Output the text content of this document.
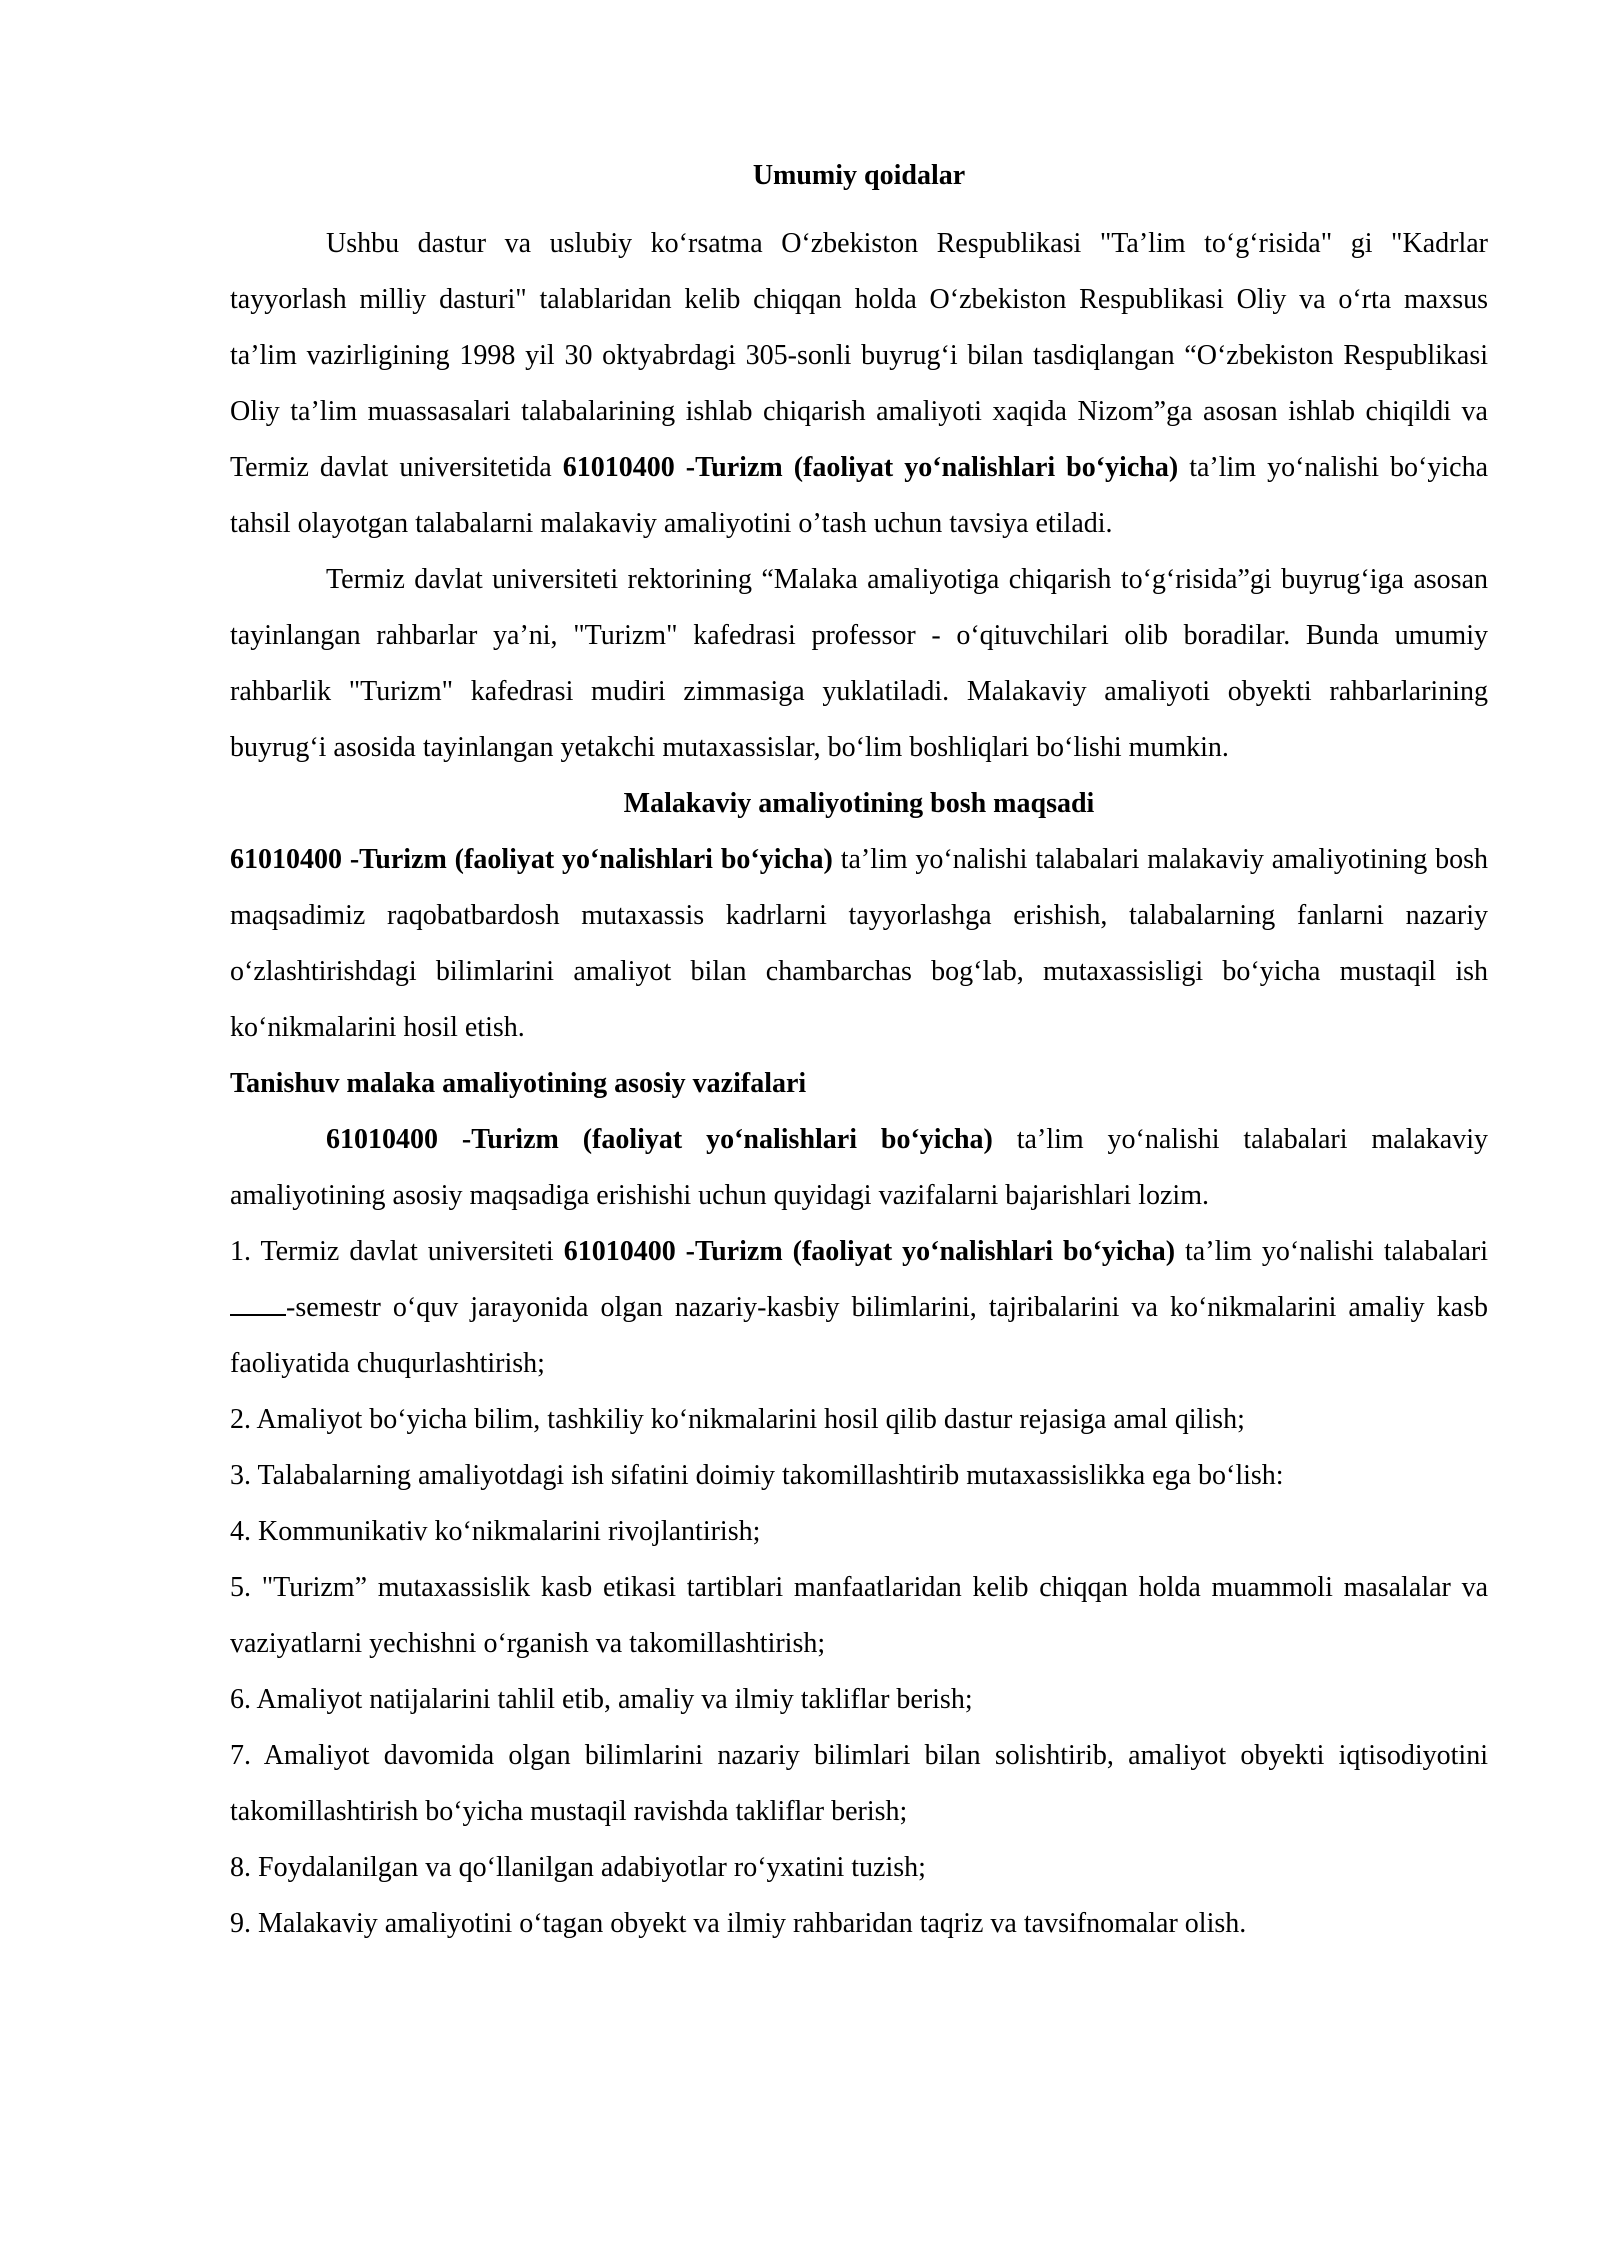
Umumiy qoidalar

Ushbu dastur va uslubiy koʻrsatma Oʻzbekiston Respublikasi "Taʼlim toʻgʻrisida" gi "Kadrlar tayyorlash milliy dasturi" talablaridan kelib chiqqan holda Oʻzbekiston Respublikasi Oliy va oʻrta maxsus taʼlim vazirligining 1998 yil 30 oktyabrdagi 305-sonli buyrugʻi bilan tasdiqlangan “Oʻzbekiston Respublikasi Oliy taʼlim muassasalari talabalarining ishlab chiqarish amaliyoti xaqida Nizom”ga asosan ishlab chiqildi va Termiz davlat universitetida 61010400 -Turizm (faoliyat yoʻnalishlari boʻyicha) taʼlim yoʻnalishi boʻyicha tahsil olayotgan talabalarni malakaviy amaliyotini oʼtash uchun tavsiya etiladi.

Termiz davlat universiteti rektorining “Malaka amaliyotiga chiqarish toʻgʻrisida”gi buyrugʻiga asosan tayinlangan rahbarlar yaʼni, "Turizm" kafedrasi professor - oʻqituvchilari olib boradilar. Bunda umumiy rahbarlik "Turizm" kafedrasi mudiri zimmasiga yuklatiladi. Malakaviy amaliyoti obyekti rahbarlarining buyrugʻi asosida tayinlangan yetakchi mutaxassislar, boʻlim boshliqlari boʻlishi mumkin.

Malakaviy amaliyotining bosh maqsadi

61010400 -Turizm (faoliyat yoʻnalishlari boʻyicha) taʼlim yoʻnalishi talabalari malakaviy amaliyotining bosh maqsadimiz raqobatbardosh mutaxassis kadrlarni tayyorlashga erishish, talabalarning fanlarni nazariy oʻzlashtirishdagi bilimlarini amaliyot bilan chambarchas bogʻlab, mutaxassisligi boʻyicha mustaqil ish koʻnikmalarini hosil etish.

Tanishuv malaka amaliyotining asosiy vazifalari

61010400 -Turizm (faoliyat yoʻnalishlari boʻyicha) taʼlim yoʻnalishi talabalari malakaviy amaliyotining asosiy maqsadiga erishishi uchun quyidagi vazifalarni bajarishlari lozim.

1. Termiz davlat universiteti 61010400 -Turizm (faoliyat yoʻnalishlari boʻyicha) taʼlim yoʻnalishi talabalari -semestr oʻquv jarayonida olgan nazariy-kasbiy bilimlarini, tajribalarini va koʻnikmalarini amaliy kasb faoliyatida chuqurlashtirish;

2. Amaliyot boʻyicha bilim, tashkiliy koʻnikmalarini hosil qilib dastur rejasiga amal qilish;

3. Talabalarning amaliyotdagi ish sifatini doimiy takomillashtirib mutaxassislikka ega boʻlish:

4. Kommunikativ koʻnikmalarini rivojlantirish;

5. "Turizm” mutaxassislik kasb etikasi tartiblari manfaatlaridan kelib chiqqan holda muammoli masalalar va vaziyatlarni yechishni oʻrganish va takomillashtirish;

6. Amaliyot natijalarini tahlil etib, amaliy va ilmiy takliflar berish;

7. Amaliyot davomida olgan bilimlarini nazariy bilimlari bilan solishtirib, amaliyot obyekti iqtisodiyotini takomillashtirish boʻyicha mustaqil ravishda takliflar berish;

8. Foydalanilgan va qoʻllanilgan adabiyotlar roʻyxatini tuzish;

9. Malakaviy amaliyotini oʻtagan obyekt va ilmiy rahbaridan taqriz va tavsifnomalar olish.
